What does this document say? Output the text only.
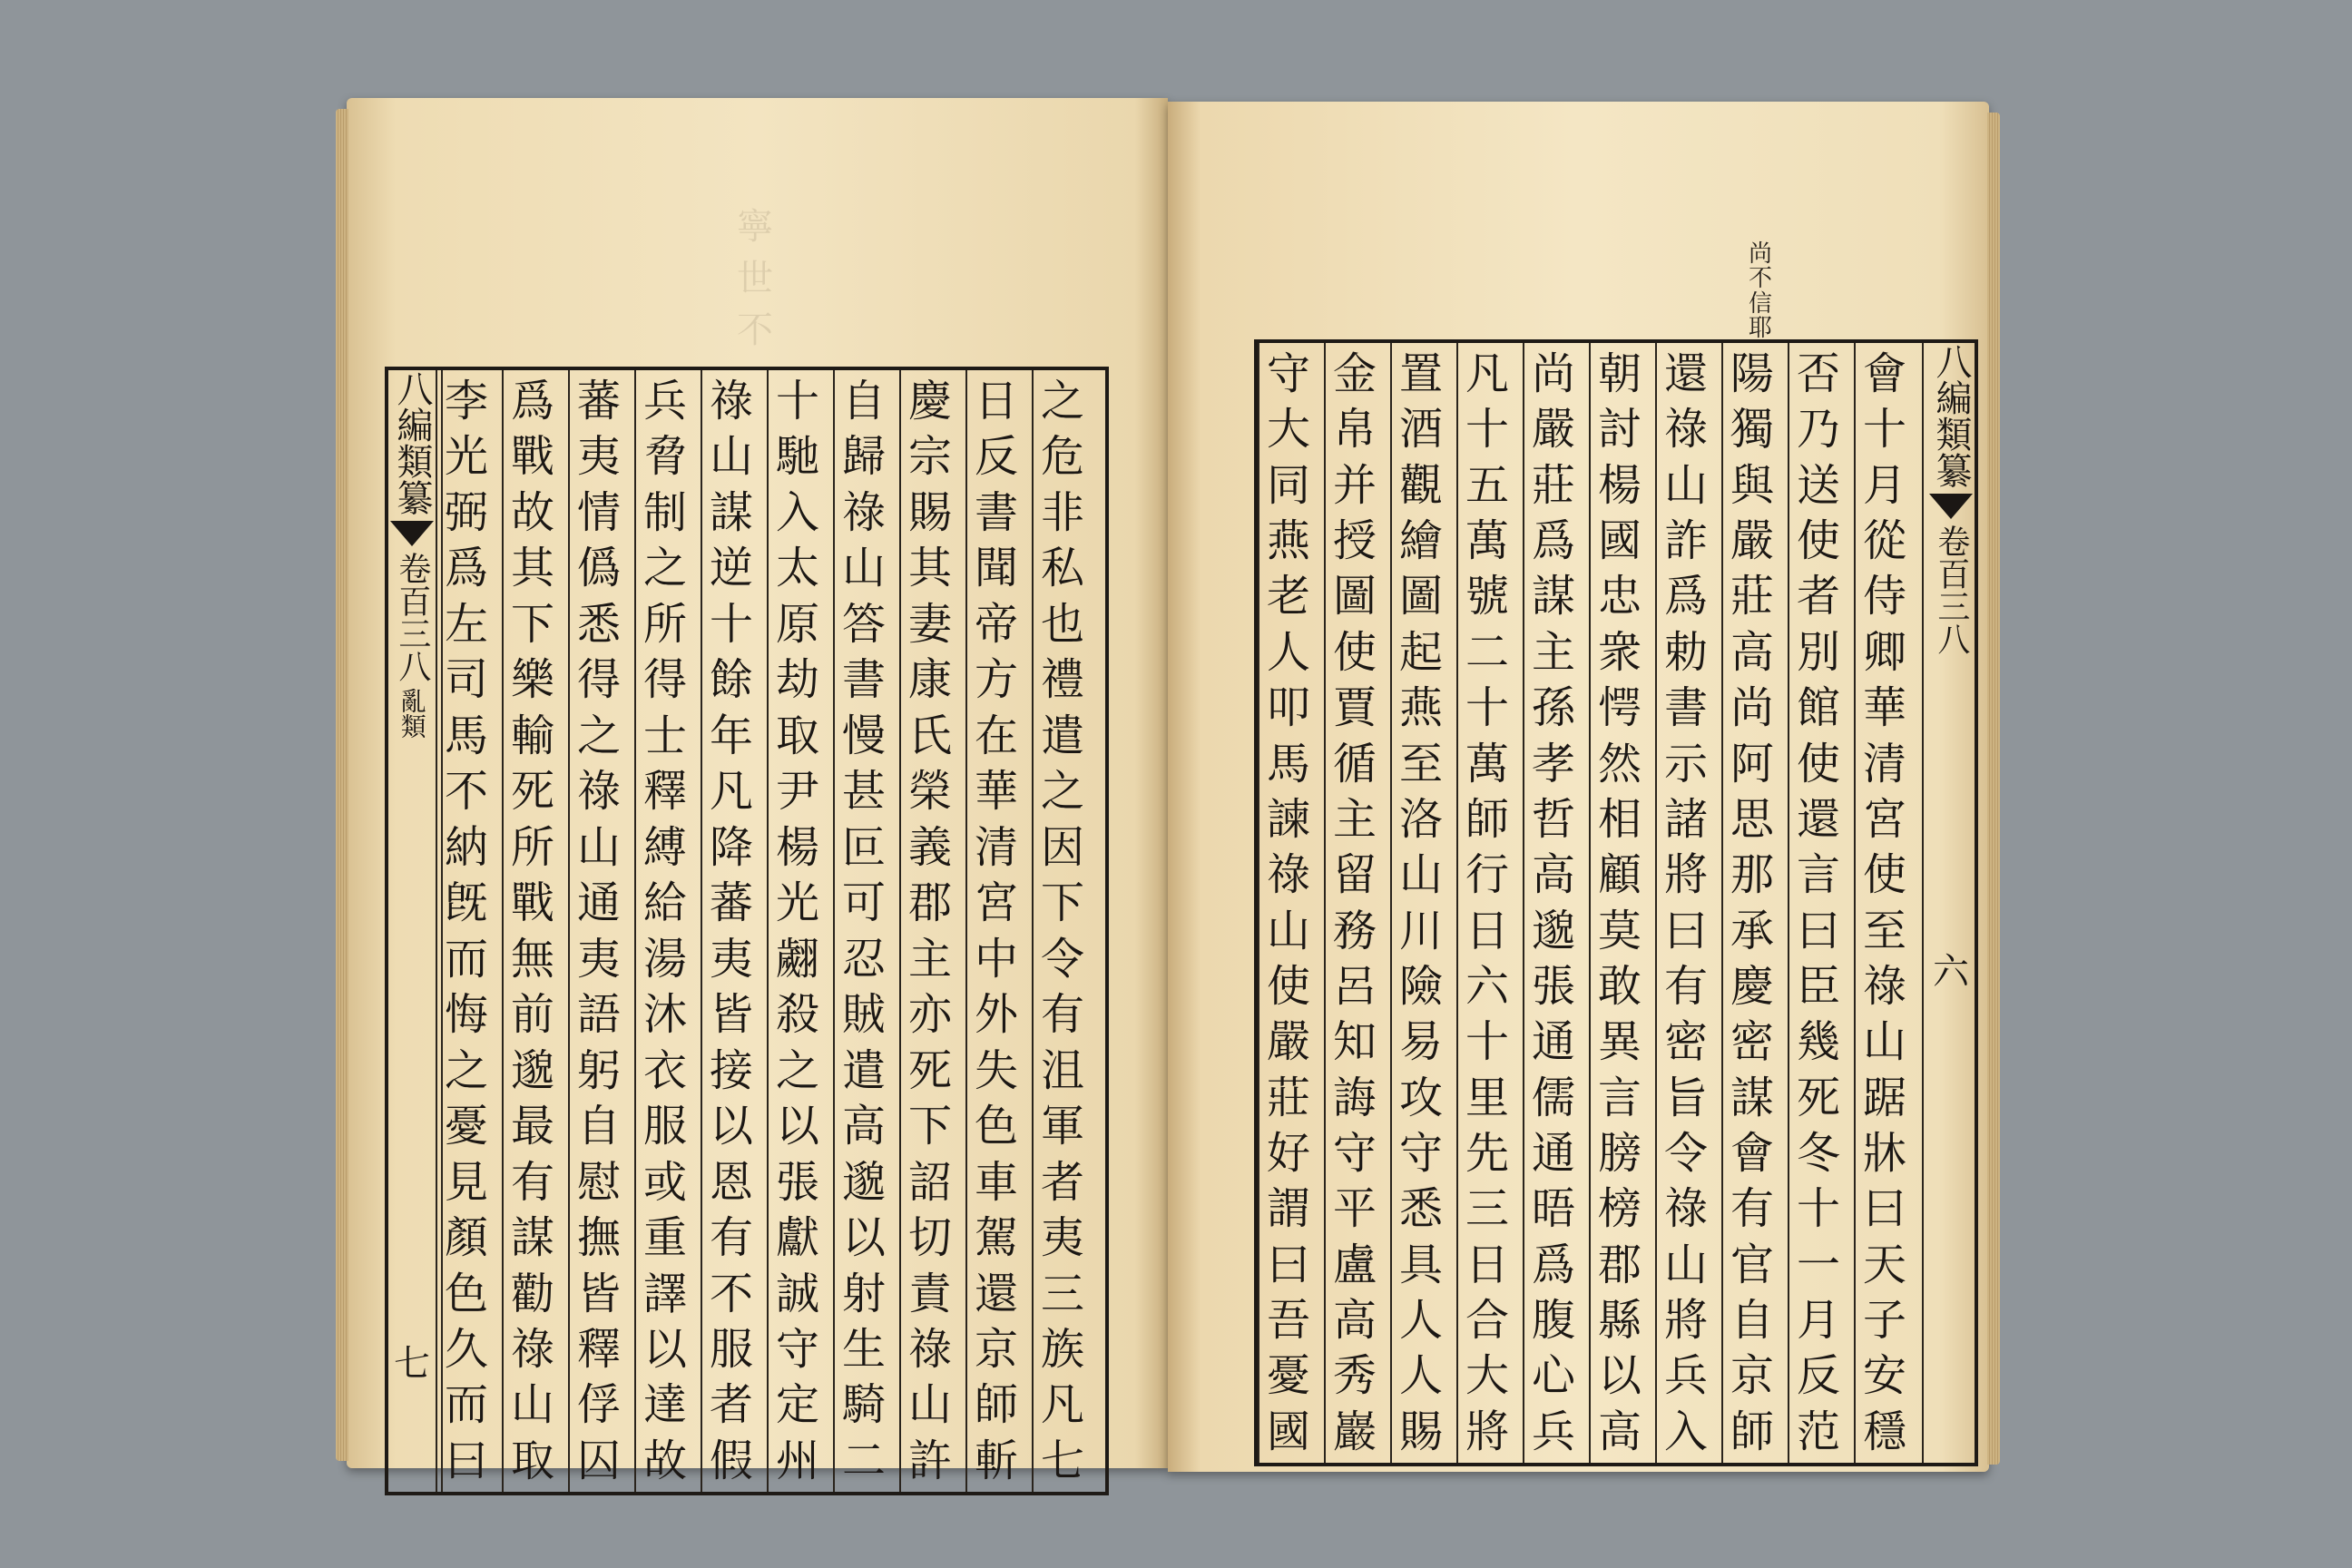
寧
世
不
八編類纂
卷百三八
亂類
七
之
危
非
私
也
禮
遣
之
因
下
令
有
沮
軍
者
夷
三
族
凡
七
日
反
書
聞
帝
方
在
華
清
宮
中
外
失
色
車
駕
還
京
師
斬
慶
宗
賜
其
妻
康
氏
榮
義
郡
主
亦
死
下
詔
切
責
祿
山
許
自
歸
祿
山
答
書
慢
甚
叵
可
忍
賊
遣
高
邈
以
射
生
騎
二
十
馳
入
太
原
劫
取
尹
楊
光
翽
殺
之
以
張
獻
誠
守
定
州
祿
山
謀
逆
十
餘
年
凡
降
蕃
夷
皆
接
以
恩
有
不
服
者
假
兵
脅
制
之
所
得
士
釋
縛
給
湯
沐
衣
服
或
重
譯
以
達
故
蕃
夷
情
僞
悉
得
之
祿
山
通
夷
語
躬
自
慰
撫
皆
釋
俘
囚
爲
戰
故
其
下
樂
輸
死
所
戰
無
前
邈
最
有
謀
勸
祿
山
取
李
光
弼
爲
左
司
馬
不
納
旣
而
悔
之
憂
見
顏
色
久
而
曰
尚
不
信
耶
八編類纂
卷百三八
六
會
十
月
從
侍
卿
華
清
宮
使
至
祿
山
踞
牀
曰
天
子
安
穩
否
乃
送
使
者
別
館
使
還
言
曰
臣
幾
死
冬
十
一
月
反
范
陽
獨
與
嚴
莊
高
尚
阿
思
那
承
慶
密
謀
會
有
官
自
京
師
還
祿
山
詐
爲
勅
書
示
諸
將
曰
有
密
旨
令
祿
山
將
兵
入
朝
討
楊
國
忠
衆
愕
然
相
顧
莫
敢
異
言
膀
榜
郡
縣
以
高
尚
嚴
莊
爲
謀
主
孫
孝
哲
高
邈
張
通
儒
通
晤
爲
腹
心
兵
凡
十
五
萬
號
二
十
萬
師
行
日
六
十
里
先
三
日
合
大
將
置
酒
觀
繪
圖
起
燕
至
洛
山
川
險
易
攻
守
悉
具
人
人
賜
金
帛
并
授
圖
使
賈
循
主
留
務
呂
知
誨
守
平
盧
高
秀
巖
守
大
同
燕
老
人
叩
馬
諫
祿
山
使
嚴
莊
好
謂
曰
吾
憂
國
